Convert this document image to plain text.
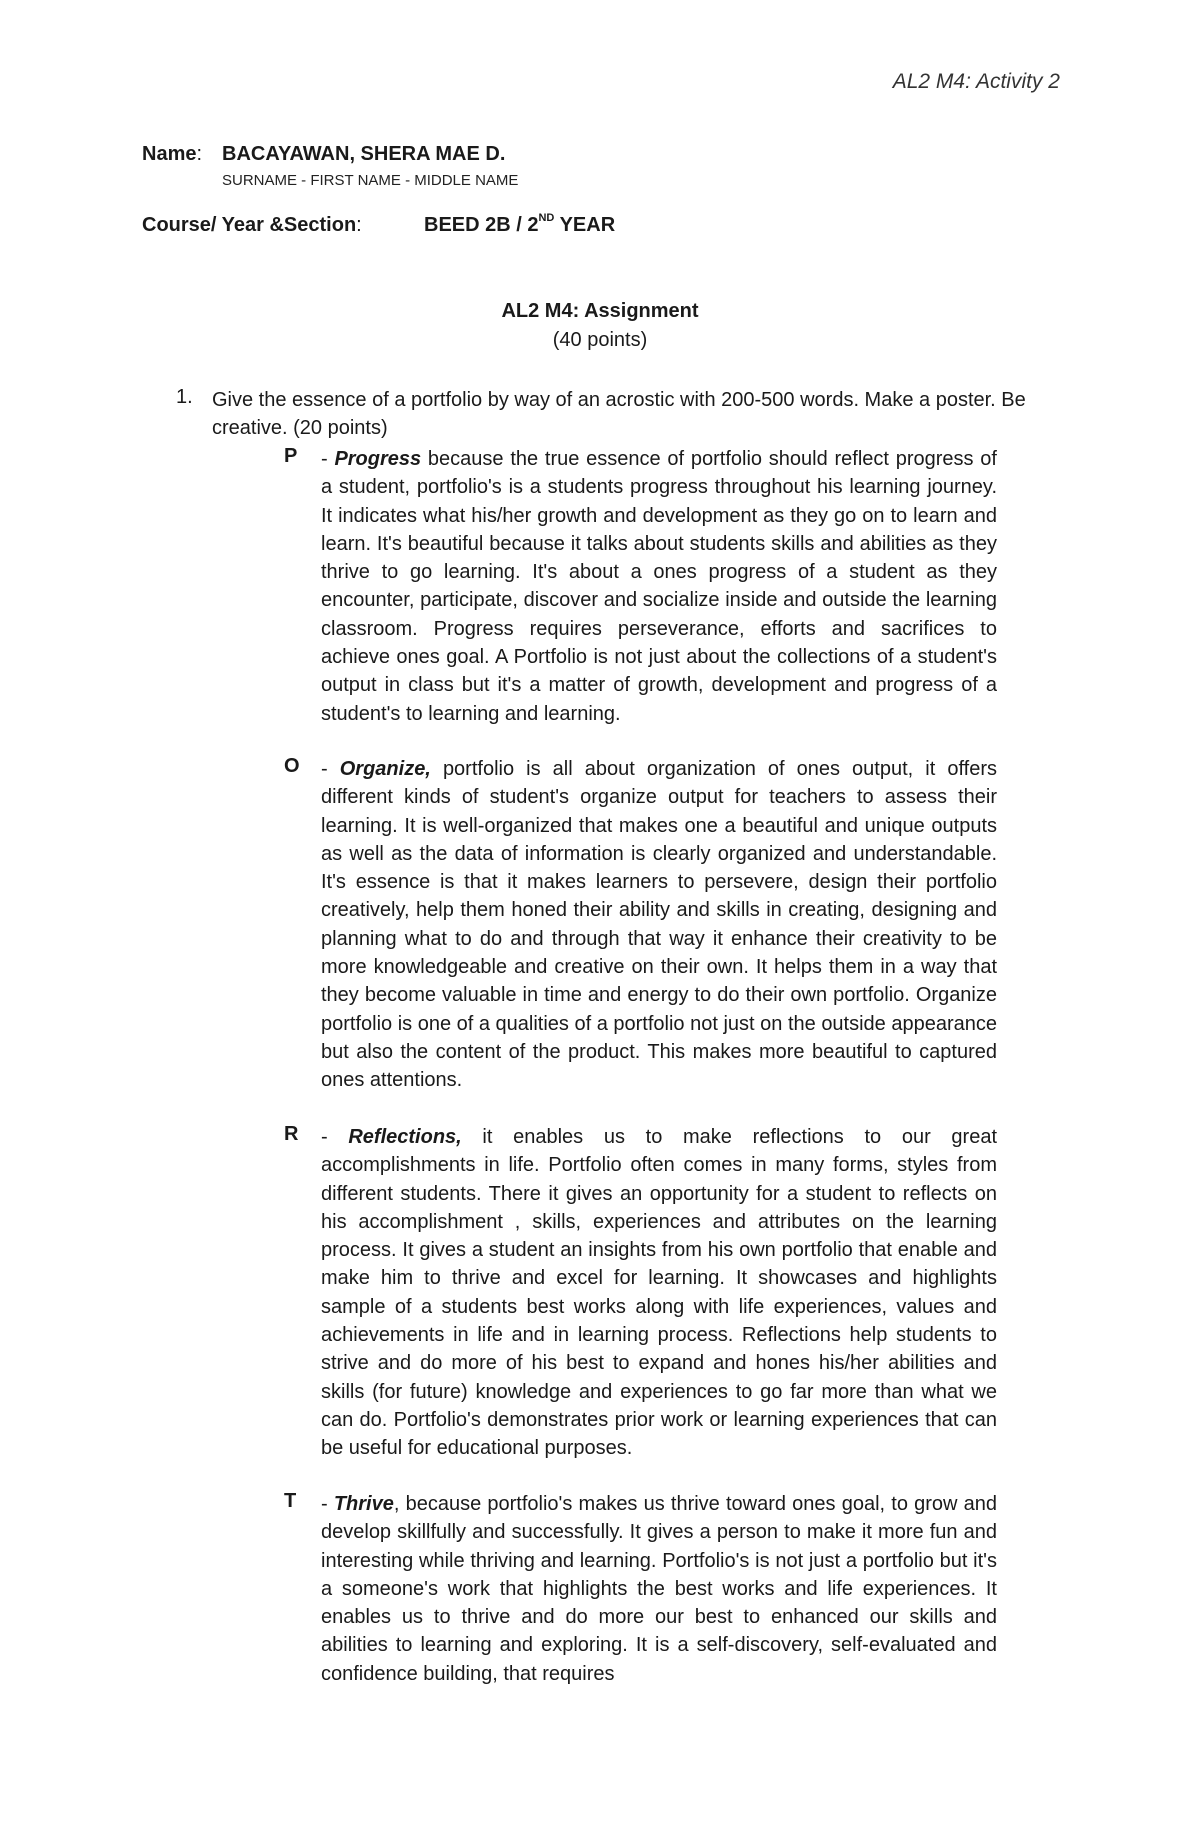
AL2 M4: Activity 2
Name: BACAYAWAN, SHERA MAE D.
SURNAME - FIRST NAME - MIDDLE NAME
Course/ Year &Section:	BEED 2B / 2ND YEAR
AL2 M4: Assignment
(40 points)
1. Give the essence of a portfolio by way of an acrostic with 200-500 words. Make a poster. Be creative. (20 points)
P - Progress because the true essence of portfolio should reflect progress of a student, portfolio's is a students progress throughout his learning journey. It indicates what his/her growth and development as they go on to learn and learn. It's beautiful because it talks about students skills and abilities as they thrive to go learning. It's about a ones progress of a student as they encounter, participate, discover and socialize inside and outside the learning classroom. Progress requires perseverance, efforts and sacrifices to achieve ones goal. A Portfolio is not just about the collections of a student's output in class but it's a matter of growth, development and progress of a student's to learning and learning.
O - Organize, portfolio is all about organization of ones output, it offers different kinds of student's organize output for teachers to assess their learning. It is well-organized that makes one a beautiful and unique outputs as well as the data of information is clearly organized and understandable. It's essence is that it makes learners to persevere, design their portfolio creatively, help them honed their ability and skills in creating, designing and planning what to do and through that way it enhance their creativity to be more knowledgeable and creative on their own. It helps them in a way that they become valuable in time and energy to do their own portfolio. Organize portfolio is one of a qualities of a portfolio not just on the outside appearance but also the content of the product. This makes more beautiful to captured ones attentions.
R - Reflections, it enables us to make reflections to our great accomplishments in life. Portfolio often comes in many forms, styles from different students. There it gives an opportunity for a student to reflects on his accomplishment , skills, experiences and attributes on the learning process. It gives a student an insights from his own portfolio that enable and make him to thrive and excel for learning. It showcases and highlights sample of a students best works along with life experiences, values and achievements in life and in learning process. Reflections help students to strive and do more of his best to expand and hones his/her abilities and skills (for future) knowledge and experiences to go far more than what we can do. Portfolio's demonstrates prior work or learning experiences that can be useful for educational purposes.
T - Thrive, because portfolio's makes us thrive toward ones goal, to grow and develop skillfully and successfully. It gives a person to make it more fun and interesting while thriving and learning. Portfolio's is not just a portfolio but it's a someone's work that highlights the best works and life experiences. It enables us to thrive and do more our best to enhanced our skills and abilities to learning and exploring. It is a self-discovery, self-evaluated and confidence building, that requires
